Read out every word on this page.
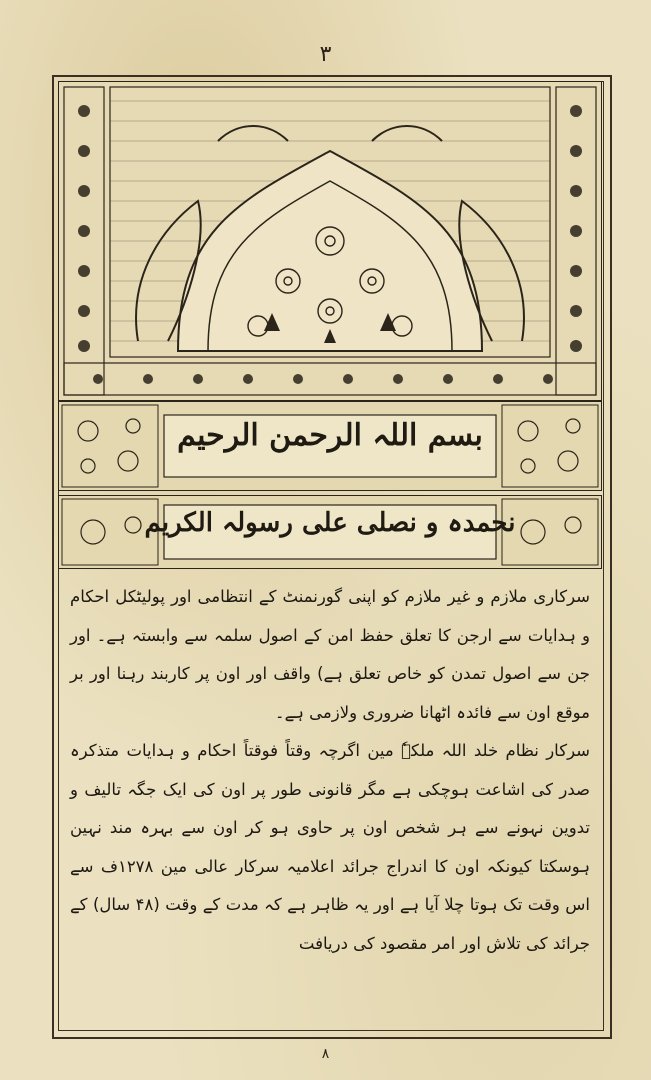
۳
بسم اللہ الرحمن الرحیم
نحمدہ و نصلی علی رسولہ الکریم

سرکاری ملازم و غیر ملازم کو اپنی گورنمنٹ کے انتظامی اور پولیٹکل احکام و ہدایات سے ارجن کا تعلق حفظ امن کے اصول سلمہ سے وابستہ ہے۔ اور جن سے اصول تمدن کو خاص تعلق ہے) واقف اور اون پر کاربند رہنا اور بر موقع اون سے فائدہ اٹھانا ضروری ولازمی ہے۔

سرکار نظام خلد اللہ ملکہٗ مین اگرچہ وقتاً فوقتاً احکام و ہدایات متذکرہ صدر کی اشاعت ہوچکی ہے مگر قانونی طور پر اون کی ایک جگہ تالیف و تدوین نہونے سے ہر شخص اون پر حاوی ہو کر اون سے بہرہ مند نہین ہوسکتا کیونکہ اون کا اندراج جرائد اعلامیہ سرکار عالی مین ۱۲۷۸ف سے اس وقت تک ہوتا چلا آیا ہے اور یہ ظاہر ہے کہ مدت کے وقت (۴۸ سال) کے جرائد کی تلاش اور امر مقصود کی دریافت

۸
